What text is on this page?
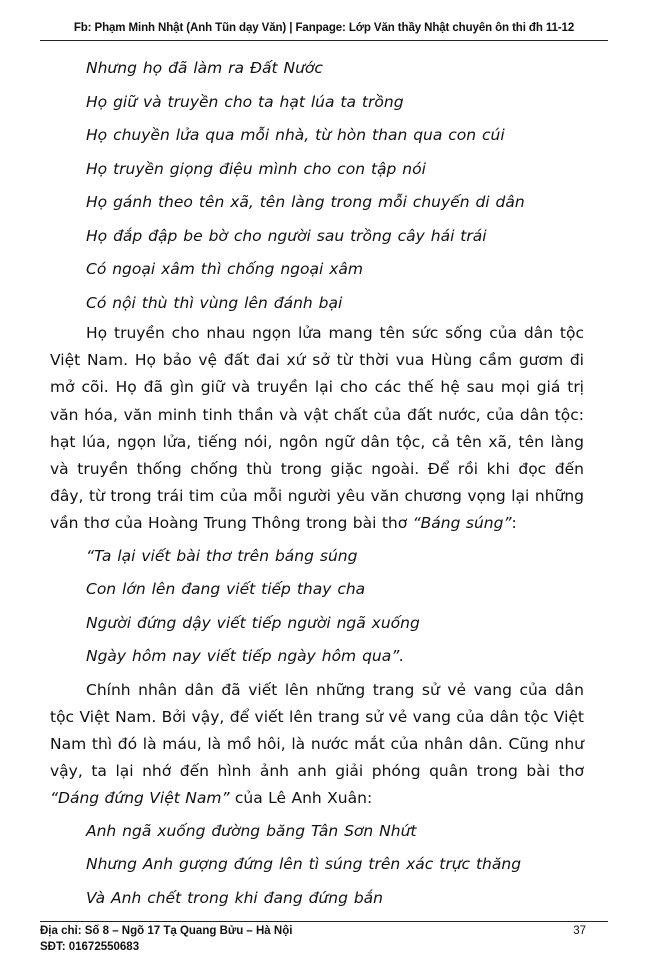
Fb: Phạm Minh Nhật (Anh Tũn dạy Văn) | Fanpage: Lớp Văn thầy Nhật chuyên ôn thi đh 11-12

Nhưng họ đã làm ra Đất Nước

Họ giữ và truyền cho ta hạt lúa ta trồng

Họ chuyền lửa qua mỗi nhà, từ hòn than qua con cúi

Họ truyền giọng điệu mình cho con tập nói

Họ gánh theo tên xã, tên làng trong mỗi chuyến di dân

Họ đắp đập be bờ cho người sau trồng cây hái trái

Có ngoại xâm thì chống ngoại xâm

Có nội thù thì vùng lên đánh bại

Họ truyền cho nhau ngọn lửa mang tên sức sống của dân tộc Việt Nam. Họ bảo vệ đất đai xứ sở từ thời vua Hùng cầm gươm đi mở cõi. Họ đã gìn giữ và truyền lại cho các thế hệ sau mọi giá trị văn hóa, văn minh tinh thần và vật chất của đất nước, của dân tộc: hạt lúa, ngọn lửa, tiếng nói, ngôn ngữ dân tộc, cả tên xã, tên làng và truyền thống chống thù trong giặc ngoài. Để rồi khi đọc đến đây, từ trong trái tim của mỗi người yêu văn chương vọng lại những vần thơ của Hoàng Trung Thông trong bài thơ “Báng súng”:

“Ta lại viết bài thơ trên báng súng

Con lớn lên đang viết tiếp thay cha

Người đứng dậy viết tiếp người ngã xuống

Ngày hôm nay viết tiếp ngày hôm qua”.

Chính nhân dân đã viết lên những trang sử vẻ vang của dân tộc Việt Nam. Bởi vậy, để viết lên trang sử vẻ vang của dân tộc Việt Nam thì đó là máu, là mồ hôi, là nước mắt của nhân dân. Cũng như vậy, ta lại nhớ đến hình ảnh anh giải phóng quân trong bài thơ “Dáng đứng Việt Nam” của Lê Anh Xuân:

Anh ngã xuống đường băng Tân Sơn Nhứt

Nhưng Anh gượng đứng lên tì súng trên xác trực thăng

Và Anh chết trong khi đang đứng bắn

Địa chỉ: Số 8 – Ngõ 17 Tạ Quang Bửu – Hà Nội
SĐT: 01672550683
37
